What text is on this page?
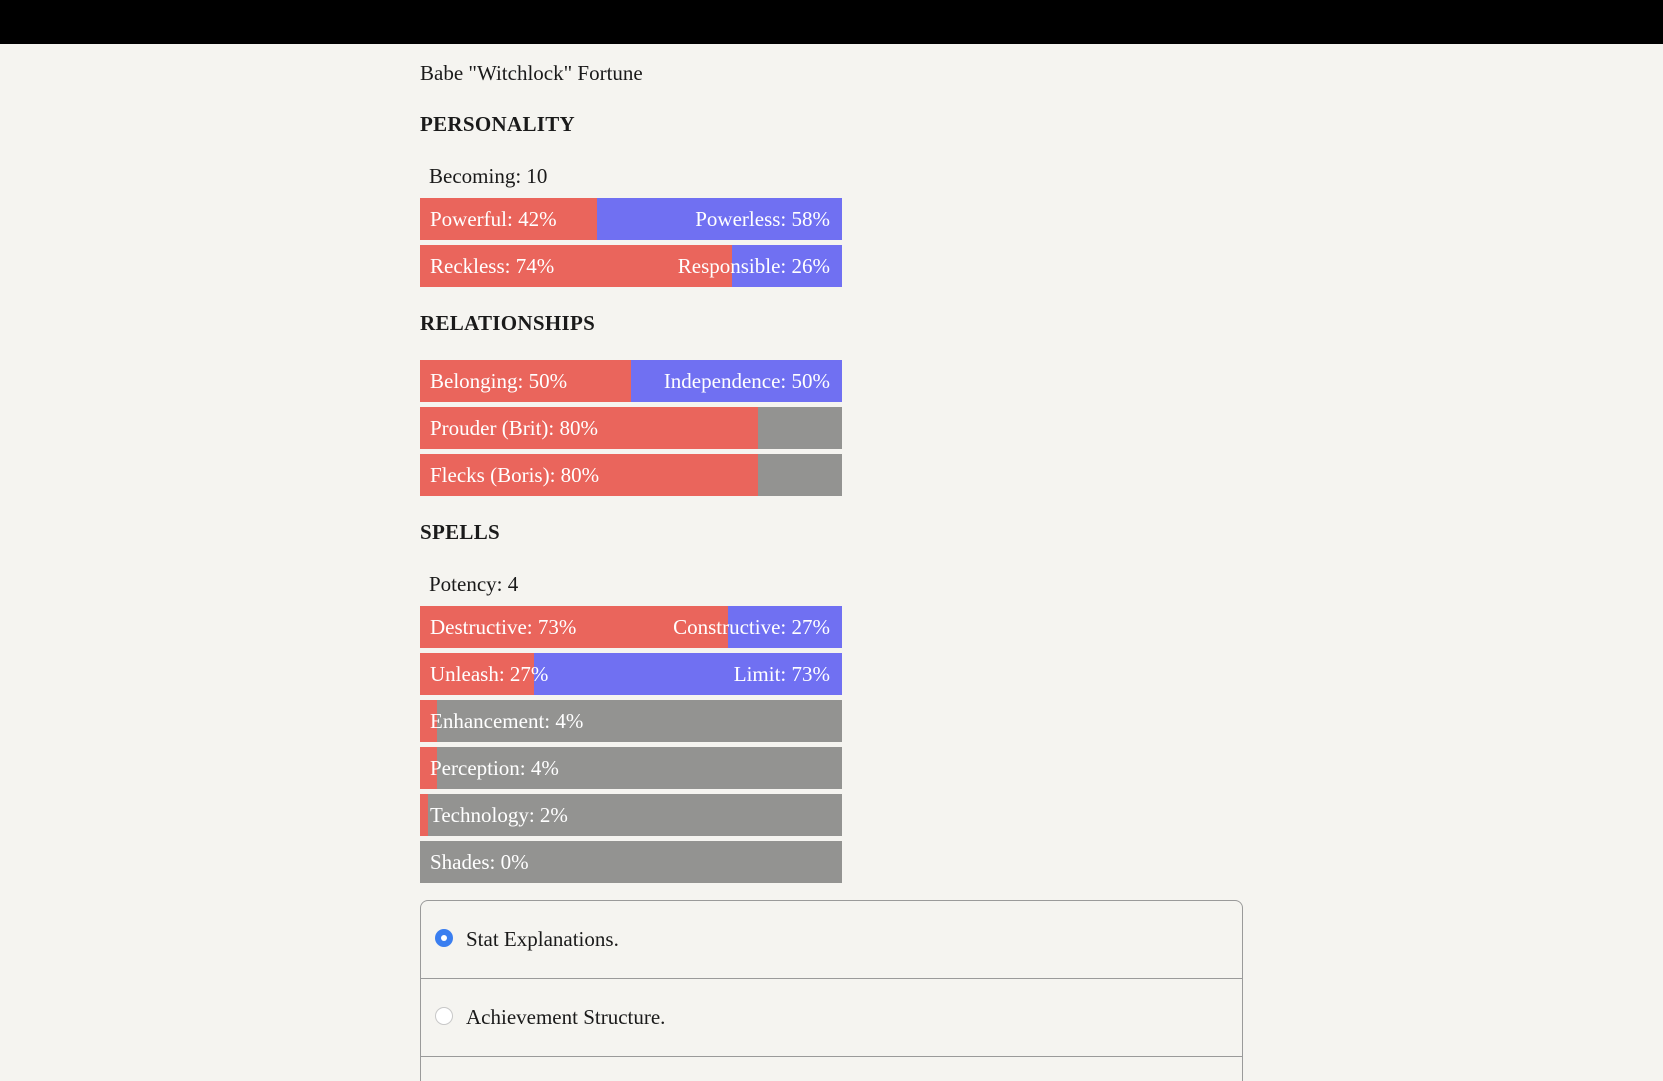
Babe "Witchlock" Fortune
PERSONALITY
Becoming: 10
Powerful: 42%	Powerless: 58%
Reckless: 74%	Responsible: 26%
RELATIONSHIPS
Belonging: 50%	Independence: 50%
Prouder (Brit): 80%
Flecks (Boris): 80%
SPELLS
Potency: 4
Destructive: 73%	Constructive: 27%
Unleash: 27%	Limit: 73%
Enhancement: 4%
Perception: 4%
Technology: 2%
Shades: 0%
Stat Explanations.
Achievement Structure.
